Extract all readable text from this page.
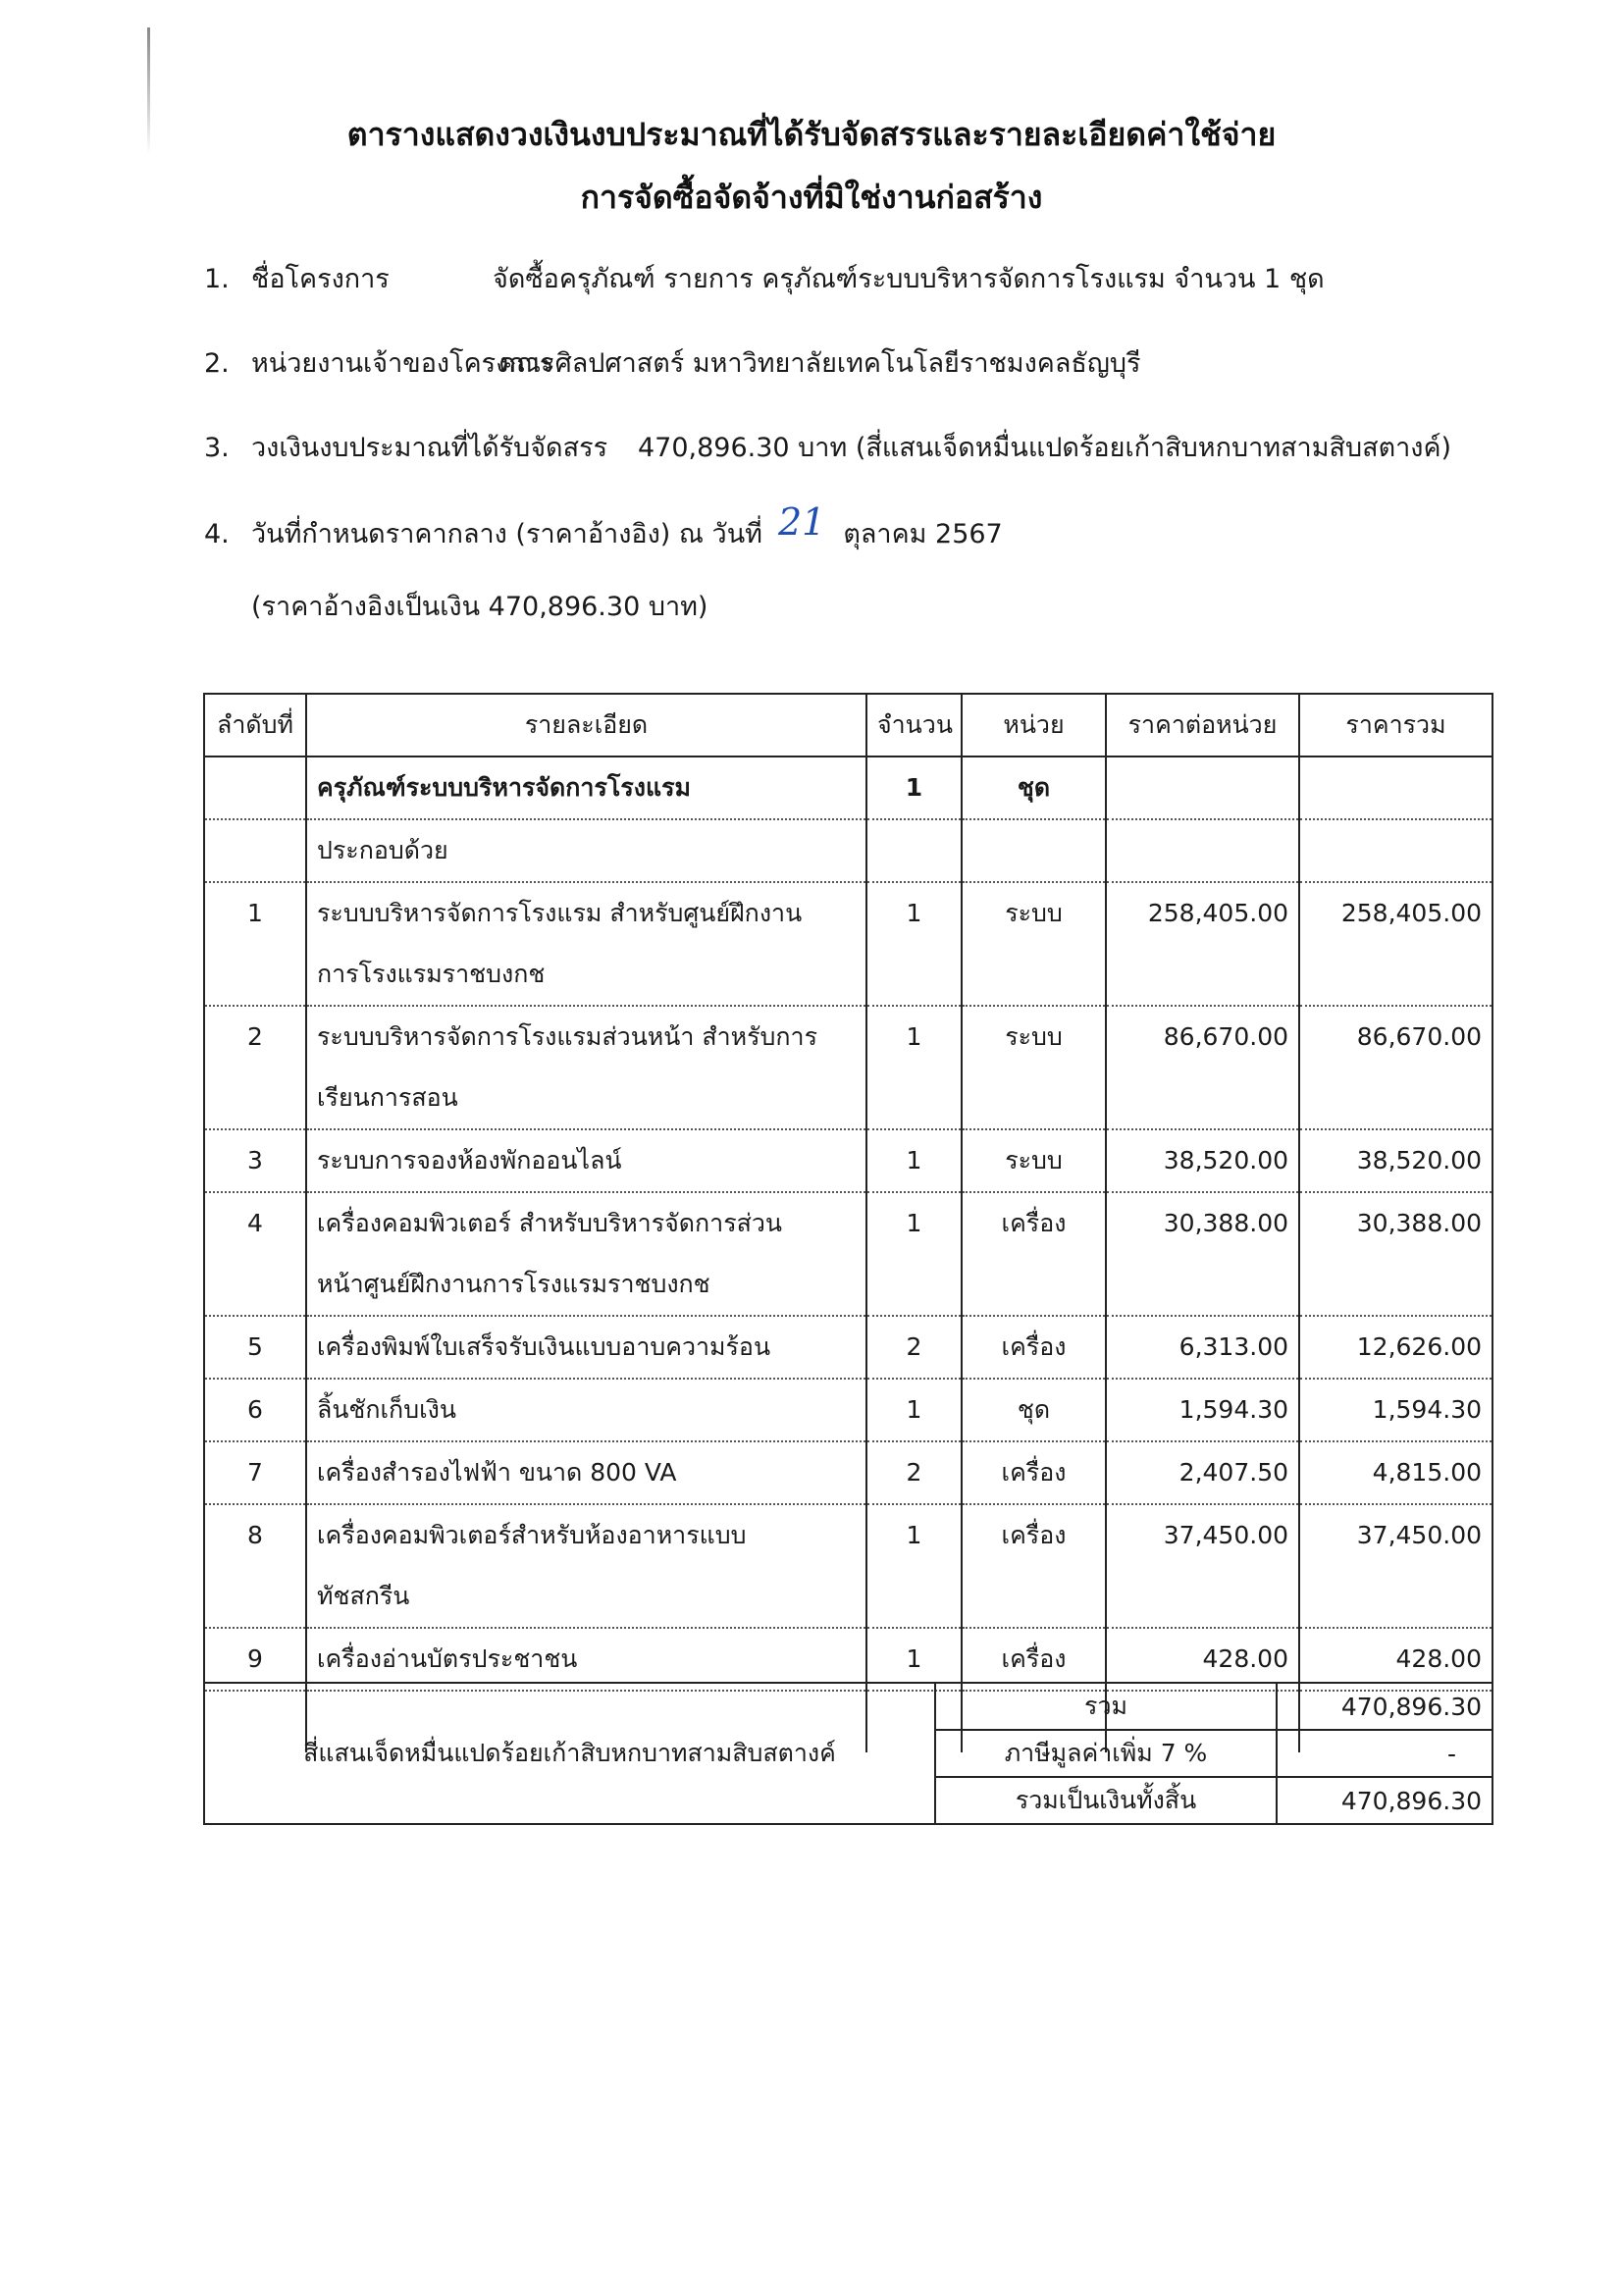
ตารางแสดงวงเงินงบประมาณที่ได้รับจัดสรรและรายละเอียดค่าใช้จ่าย
การจัดซื้อจัดจ้างที่มิใช่งานก่อสร้าง
1. ชื่อโครงการ	จัดซื้อครุภัณฑ์ รายการ ครุภัณฑ์ระบบบริหารจัดการโรงแรม จำนวน 1 ชุด
2. หน่วยงานเจ้าของโครงการคณะศิลปศาสตร์ มหาวิทยาลัยเทคโนโลยีราชมงคลธัญบุรี
3. วงเงินงบประมาณที่ได้รับจัดสรร 470,896.30 บาท (สี่แสนเจ็ดหมื่นแปดร้อยเก้าสิบหกบาทสามสิบสตางค์)
4. วันที่กำหนดราคากลาง (ราคาอ้างอิง) ณ วันที่ 21 ตุลาคม 2567
(ราคาอ้างอิงเป็นเงิน 470,896.30 บาท)
ลำดับที่	รายละเอียด	จำนวน	หน่วย	ราคาต่อหน่วย	ราคารวม
	ครุภัณฑ์ระบบบริหารจัดการโรงแรม	1	ชุด		
	ประกอบด้วย				
1	ระบบบริหารจัดการโรงแรม สำหรับศูนย์ฝึกงาน
การโรงแรมราชบงกช	1	ระบบ	258,405.00	258,405.00
2	ระบบบริหารจัดการโรงแรมส่วนหน้า สำหรับการ
เรียนการสอน	1	ระบบ	86,670.00	86,670.00
3	ระบบการจองห้องพักออนไลน์	1	ระบบ	38,520.00	38,520.00
4	เครื่องคอมพิวเตอร์ สำหรับบริหารจัดการส่วน
หน้าศูนย์ฝึกงานการโรงแรมราชบงกช	1	เครื่อง	30,388.00	30,388.00
5	เครื่องพิมพ์ใบเสร็จรับเงินแบบอาบความร้อน	2	เครื่อง	6,313.00	12,626.00
6	ลิ้นชักเก็บเงิน	1	ชุด	1,594.30	1,594.30
7	เครื่องสำรองไฟฟ้า ขนาด 800 VA	2	เครื่อง	2,407.50	4,815.00
8	เครื่องคอมพิวเตอร์สำหรับห้องอาหารแบบ
ทัชสกรีน	1	เครื่อง	37,450.00	37,450.00
9	เครื่องอ่านบัตรประชาชน	1	เครื่อง	428.00	428.00

สี่แสนเจ็ดหมื่นแปดร้อยเก้าสิบหกบาทสามสิบสตางค์	รวม	470,896.30
	ภาษีมูลค่าเพิ่ม 7 %	-
	รวมเป็นเงินทั้งสิ้น	470,896.30
